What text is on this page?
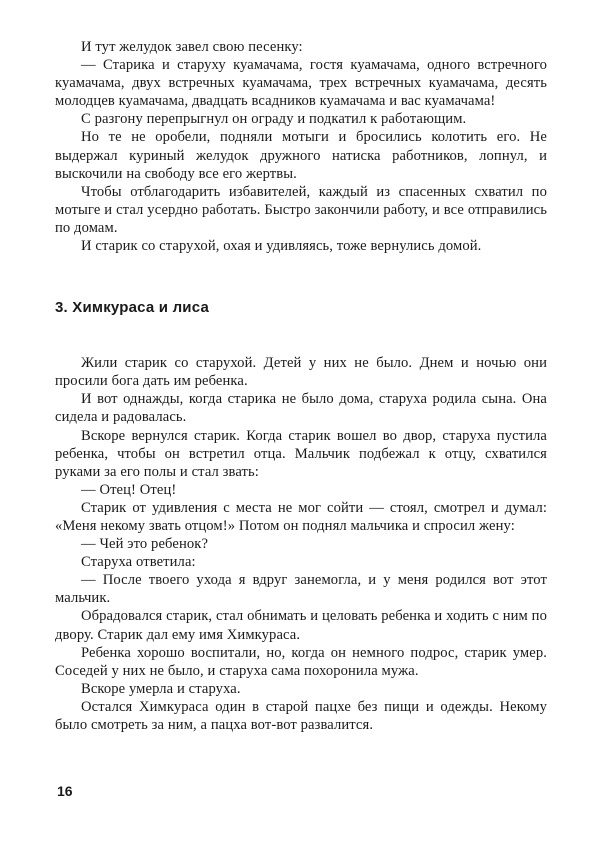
И тут желудок завел свою песенку:

— Старика и старуху куамачама, гостя куамачама, одного встречного куамачама, двух встречных куамачама, трех встречных куамачама, десять молодцев куамачама, двадцать всадников куамачама и вас куамачама!

С разгону перепрыгнул он ограду и подкатил к работающим.

Но те не оробели, подняли мотыги и бросились колотить его. Не выдержал куриный желудок дружного натиска работников, лопнул, и выскочили на свободу все его жертвы.

Чтобы отблагодарить избавителей, каждый из спасенных схватил по мотыге и стал усердно работать. Быстро закончили работу, и все отправились по домам.

И старик со старухой, охая и удивляясь, тоже вернулись домой.

3. Химкураса и лиса

Жили старик со старухой. Детей у них не было. Днем и ночью они просили бога дать им ребенка.

И вот однажды, когда старика не было дома, старуха родила сына. Она сидела и радовалась.

Вскоре вернулся старик. Когда старик вошел во двор, старуха пустила ребенка, чтобы он встретил отца. Мальчик подбежал к отцу, схватился руками за его полы и стал звать:

— Отец! Отец!

Старик от удивления с места не мог сойти — стоял, смотрел и думал: «Меня некому звать отцом!» Потом он поднял мальчика и спросил жену:

— Чей это ребенок?

Старуха ответила:

— После твоего ухода я вдруг занемогла, и у меня родился вот этот мальчик.

Обрадовался старик, стал обнимать и целовать ребенка и ходить с ним по двору. Старик дал ему имя Химкураса.

Ребенка хорошо воспитали, но, когда он немного подрос, старик умер. Соседей у них не было, и старуха сама похоронила мужа.

Вскоре умерла и старуха.

Остался Химкураса один в старой пацхе без пищи и одежды. Некому было смотреть за ним, а пацха вот-вот развалится.

16
